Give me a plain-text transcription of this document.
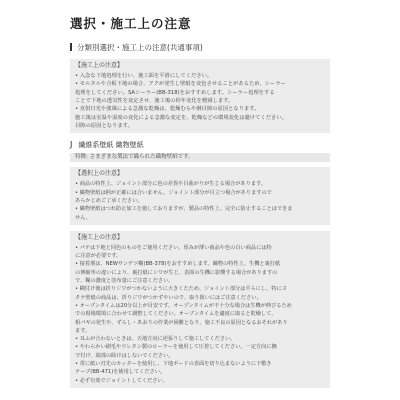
選択・施工上の注意
分類別選択・施工上の注意(共通事項)
【施工上の注意】
• 入念な下地処理を行い、施工面を平滑にしてください。
• モルタルや合板下地の場合、アクが発生し壁紙を変色させることがあるため、シーラー
処理をしてください。SAシーラー(BB-318)をおすすめします。シーラー処理をする
ことで下地の透気性を変定させ、施工後の経年変化を軽減します。
• 直射日光や強風による急激な乾燥は、乾燥むらや継目隙の原因となります。
施工後は室温や湿度の変化による急激な変定を、乾燥などの環境変化は避けてください。
目隙の原因となります。
J 繊維系壁紙 織物壁紙
特徴: さまざまな製法で織られた織物壁紙です。
【選択上の注意】
• 商品の特性上、ジョイント部分に色の差異や目曲がりが生じる場合があります。
• 織物壁紙は柄が正確には合いません。ジョイント部分が目立つ場合がありますので
あらかじめご了承ください。
• 織物壁紙はつれ防止加工を施しておりますが、製品の特性上、完全に防止することはできま
せん。
【施工上の注意】
• パテは下地と同色のものをご使用ください。厚みが薄い商品や色の白い商品には特
に注意が必要です。
• 接着剤は、NEWサンゲツ糊(BB-378)をおすすめします。織物の特性上、生機と裏打紙
の伸縮率の違いにより、裏打紙にシワが生じ、表面の生機に影響する場合がありますの
で、糊の濃度と塗布量にご注意ください。
• 糊付け後は折りジワがつかないように大きくたため、ジョイント部分は平らにし、特にヨ
タテ壁紙の商品は、折りジワがつかずやいので、取り扱いにはご注意ください。
• オープンタイムは20分以上が目安です。オープンタイムが不十分な場合は生機が伸びるため
での現場環境に合わせて調整してください。オープンタイムを適度に取ると乾燥して、
相パギの発生や、ずらし・あおりの作業が困難となり、施工不良の原因となるおそれがあり
ます。
• 耳ふが合わないときは、天地方向に逆張りして施工してください。
• やわらかい刷毛やウレタン製のローラーを使用して圧着してください。一定方向に撫
で付け、端部の除けはしないでください。
• 常に紙い刃先のカッターを使用し、下地ボードの表面を切り込まないように下敷き
テープ(BB-471)を使用してください。
• 必ず有効でジョイントしてください。
